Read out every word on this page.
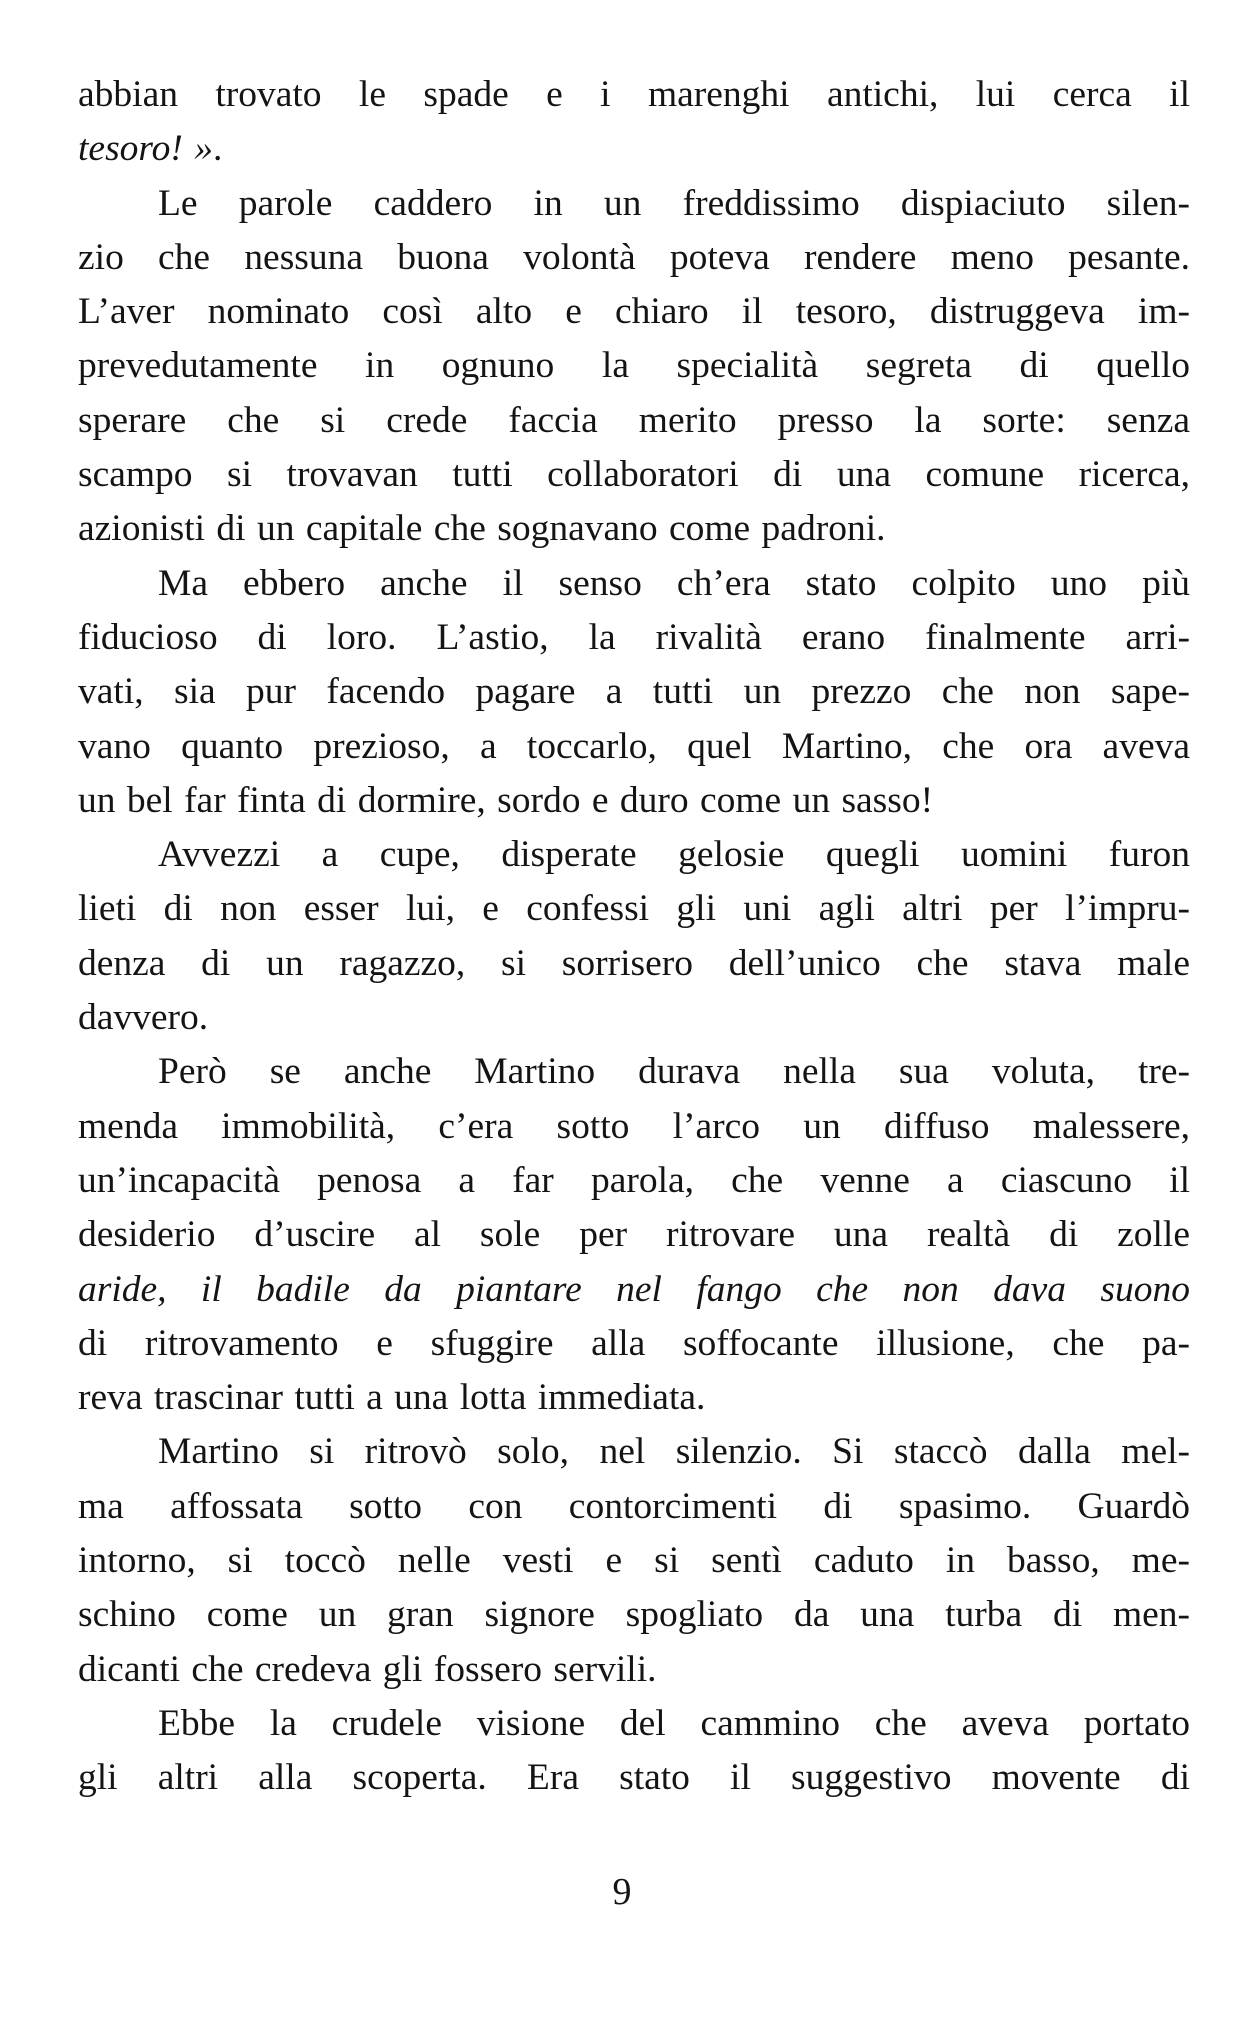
abbian trovato le spade e i marenghi antichi, lui cerca il
tesoro! ».
Le parole caddero in un freddissimo dispiaciuto silen-
zio che nessuna buona volontà poteva rendere meno pesante.
L’aver nominato così alto e chiaro il tesoro, distruggeva im-
prevedutamente in ognuno la specialità segreta di quello
sperare che si crede faccia merito presso la sorte: senza
scampo si trovavan tutti collaboratori di una comune ricerca,
azionisti di un capitale che sognavano come padroni.
Ma ebbero anche il senso ch’era stato colpito uno più
fiducioso di loro. L’astio, la rivalità erano finalmente arri-
vati, sia pur facendo pagare a tutti un prezzo che non sape-
vano quanto prezioso, a toccarlo, quel Martino, che ora aveva
un bel far finta di dormire, sordo e duro come un sasso!
Avvezzi a cupe, disperate gelosie quegli uomini furon
lieti di non esser lui, e confessi gli uni agli altri per l’impru-
denza di un ragazzo, si sorrisero dell’unico che stava male
davvero.
Però se anche Martino durava nella sua voluta, tre-
menda immobilità, c’era sotto l’arco un diffuso malessere,
un’incapacità penosa a far parola, che venne a ciascuno il
desiderio d’uscire al sole per ritrovare una realtà di zolle
aride, il badile da piantare nel fango che non dava suono
di ritrovamento e sfuggire alla soffocante illusione, che pa-
reva trascinar tutti a una lotta immediata.
Martino si ritrovò solo, nel silenzio. Si staccò dalla mel-
ma affossata sotto con contorcimenti di spasimo. Guardò
intorno, si toccò nelle vesti e si sentì caduto in basso, me-
schino come un gran signore spogliato da una turba di men-
dicanti che credeva gli fossero servili.
Ebbe la crudele visione del cammino che aveva portato
gli altri alla scoperta. Era stato il suggestivo movente di
9
